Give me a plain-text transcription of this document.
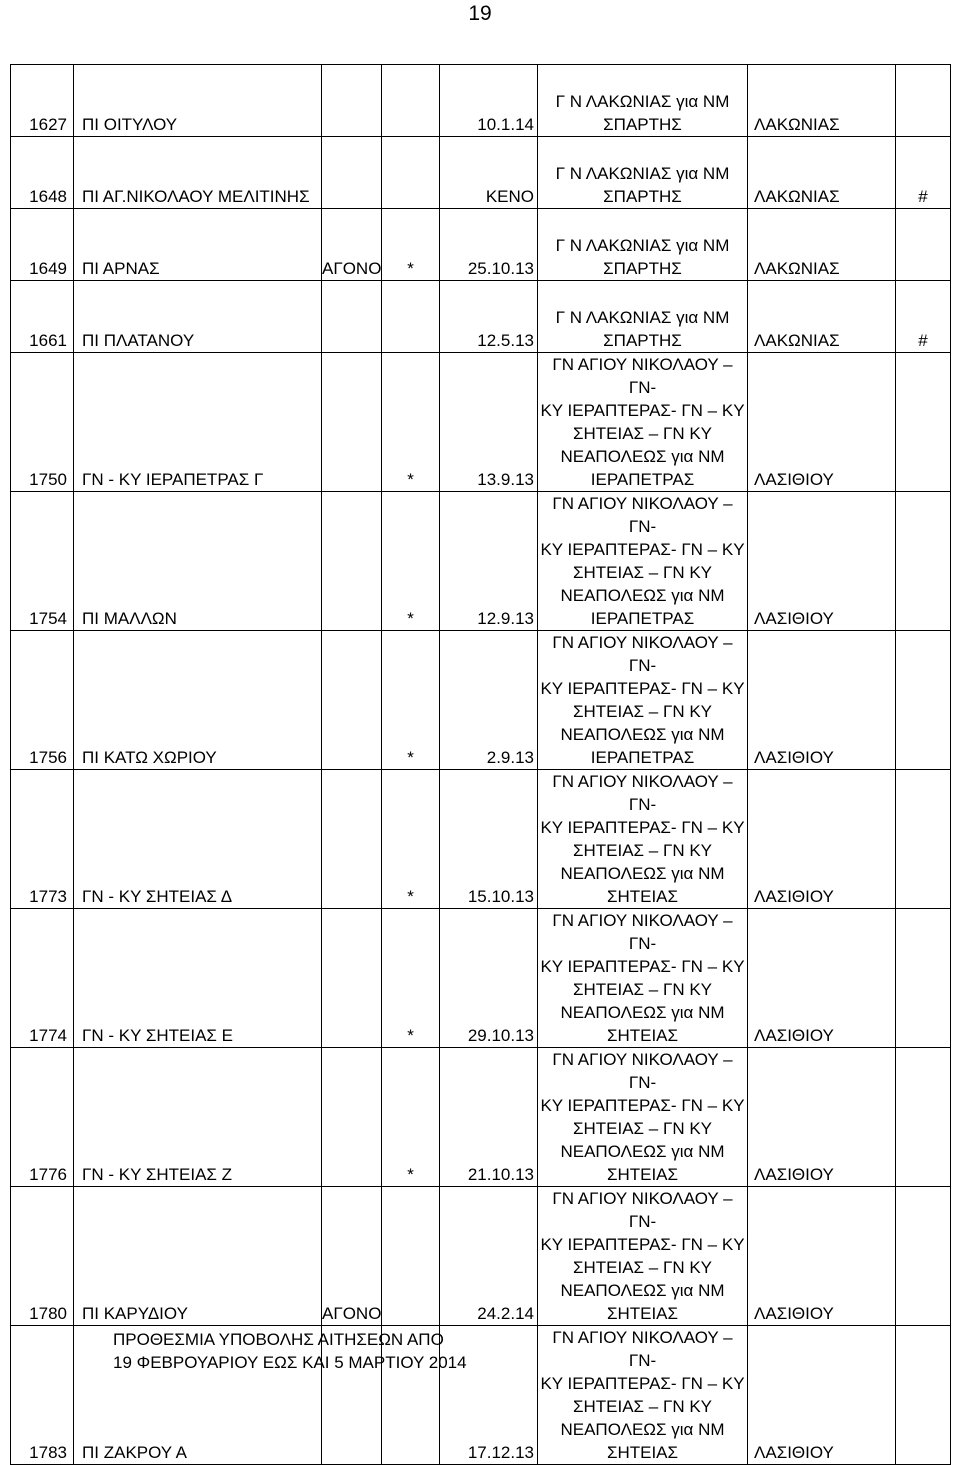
19
1627	ΠΙ ΟΙΤΥΛΟΥ			10.1.14	Γ Ν ΛΑΚΩΝΙΑΣ για ΝΜ
ΣΠΑΡΤΗΣ	ΛΑΚΩΝΙΑΣ	
1648	ΠΙ ΑΓ.ΝΙΚΟΛΑΟΥ ΜΕΛΙΤΙΝΗΣ			ΚΕΝΟ	Γ Ν ΛΑΚΩΝΙΑΣ για ΝΜ
ΣΠΑΡΤΗΣ	ΛΑΚΩΝΙΑΣ	#
1649	ΠΙ ΑΡΝΑΣ	ΑΓΟΝΟ	*	25.10.13	Γ Ν ΛΑΚΩΝΙΑΣ για ΝΜ
ΣΠΑΡΤΗΣ	ΛΑΚΩΝΙΑΣ	
1661	ΠΙ ΠΛΑΤΑΝΟΥ			12.5.13	Γ Ν ΛΑΚΩΝΙΑΣ για ΝΜ
ΣΠΑΡΤΗΣ	ΛΑΚΩΝΙΑΣ	#
1750	ΓΝ - ΚΥ ΙΕΡΑΠΕΤΡΑΣ Γ		*	13.9.13	ΓΝ ΑΓΙΟΥ ΝΙΚΟΛΑΟΥ – ΓΝ-
ΚΥ ΙΕΡΑΠΤΕΡΑΣ- ΓΝ – ΚΥ
ΣΗΤΕΙΑΣ – ΓΝ ΚΥ
ΝΕΑΠΟΛΕΩΣ για ΝΜ
ΙΕΡΑΠΕΤΡΑΣ	ΛΑΣΙΘΙΟΥ	
1754	ΠΙ ΜΑΛΛΩΝ		*	12.9.13	ΓΝ ΑΓΙΟΥ ΝΙΚΟΛΑΟΥ – ΓΝ-
ΚΥ ΙΕΡΑΠΤΕΡΑΣ- ΓΝ – ΚΥ
ΣΗΤΕΙΑΣ – ΓΝ ΚΥ
ΝΕΑΠΟΛΕΩΣ για ΝΜ
ΙΕΡΑΠΕΤΡΑΣ	ΛΑΣΙΘΙΟΥ	
1756	ΠΙ ΚΑΤΩ ΧΩΡΙΟΥ		*	2.9.13	ΓΝ ΑΓΙΟΥ ΝΙΚΟΛΑΟΥ – ΓΝ-
ΚΥ ΙΕΡΑΠΤΕΡΑΣ- ΓΝ – ΚΥ
ΣΗΤΕΙΑΣ – ΓΝ ΚΥ
ΝΕΑΠΟΛΕΩΣ για ΝΜ
ΙΕΡΑΠΕΤΡΑΣ	ΛΑΣΙΘΙΟΥ	
1773	ΓΝ - ΚΥ ΣΗΤΕΙΑΣ Δ		*	15.10.13	ΓΝ ΑΓΙΟΥ ΝΙΚΟΛΑΟΥ – ΓΝ-
ΚΥ ΙΕΡΑΠΤΕΡΑΣ- ΓΝ – ΚΥ
ΣΗΤΕΙΑΣ – ΓΝ ΚΥ
ΝΕΑΠΟΛΕΩΣ για ΝΜ
ΣΗΤΕΙΑΣ	ΛΑΣΙΘΙΟΥ	
1774	ΓΝ - ΚΥ ΣΗΤΕΙΑΣ Ε		*	29.10.13	ΓΝ ΑΓΙΟΥ ΝΙΚΟΛΑΟΥ – ΓΝ-
ΚΥ ΙΕΡΑΠΤΕΡΑΣ- ΓΝ – ΚΥ
ΣΗΤΕΙΑΣ – ΓΝ ΚΥ
ΝΕΑΠΟΛΕΩΣ για ΝΜ
ΣΗΤΕΙΑΣ	ΛΑΣΙΘΙΟΥ	
1776	ΓΝ - ΚΥ ΣΗΤΕΙΑΣ Ζ		*	21.10.13	ΓΝ ΑΓΙΟΥ ΝΙΚΟΛΑΟΥ – ΓΝ-
ΚΥ ΙΕΡΑΠΤΕΡΑΣ- ΓΝ – ΚΥ
ΣΗΤΕΙΑΣ – ΓΝ ΚΥ
ΝΕΑΠΟΛΕΩΣ για ΝΜ
ΣΗΤΕΙΑΣ	ΛΑΣΙΘΙΟΥ	
1780	ΠΙ ΚΑΡΥΔΙΟΥ	ΑΓΟΝΟ		24.2.14	ΓΝ ΑΓΙΟΥ ΝΙΚΟΛΑΟΥ – ΓΝ-
ΚΥ ΙΕΡΑΠΤΕΡΑΣ- ΓΝ – ΚΥ
ΣΗΤΕΙΑΣ – ΓΝ ΚΥ
ΝΕΑΠΟΛΕΩΣ για ΝΜ
ΣΗΤΕΙΑΣ	ΛΑΣΙΘΙΟΥ	
1783	ΠΙ ΖΑΚΡΟΥ Α			17.12.13	ΓΝ ΑΓΙΟΥ ΝΙΚΟΛΑΟΥ – ΓΝ-
ΚΥ ΙΕΡΑΠΤΕΡΑΣ- ΓΝ – ΚΥ
ΣΗΤΕΙΑΣ – ΓΝ ΚΥ
ΝΕΑΠΟΛΕΩΣ για ΝΜ
ΣΗΤΕΙΑΣ	ΛΑΣΙΘΙΟΥ	
ΠΡΟΘΕΣΜΙΑ ΥΠΟΒΟΛΗΣ ΑΙΤΗΣΕΩΝ ΑΠΟ
19 ΦΕΒΡΟΥΑΡΙΟΥ ΕΩΣ ΚΑΙ 5 ΜΑΡΤΙΟΥ 2014
